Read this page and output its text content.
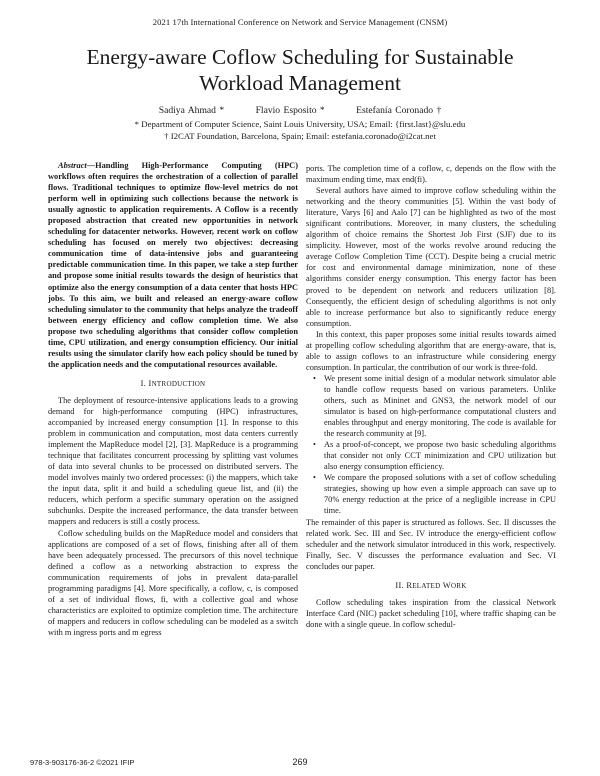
2021 17th International Conference on Network and Service Management (CNSM)
Energy-aware Coflow Scheduling for Sustainable
Workload Management
Sadiya Ahmad *	Flavio Esposito *	Estefanía Coronado †
* Department of Computer Science, Saint Louis University, USA; Email: {first.last}@slu.edu
† I2CAT Foundation, Barcelona, Spain; Email: estefania.coronado@i2cat.net

Abstract—Handling High-Performance Computing (HPC) workflows often requires the orchestration of a collection of parallel flows. Traditional techniques to optimize flow-level metrics do not perform well in optimizing such collections because the network is usually agnostic to application requirements. A Coflow is a recently proposed abstraction that created new opportunities in network scheduling for datacenter networks. However, recent work on coflow scheduling has focused on merely two objectives: decreasing communication time of data-intensive jobs and guaranteeing predictable communication time. In this paper, we take a step further and propose some initial results towards the design of heuristics that optimize also the energy consumption of a data center that hosts HPC jobs. To this aim, we built and released an energy-aware coflow scheduling simulator to the community that helps analyze the tradeoff between energy efficiency and coflow completion time. We also propose two scheduling algorithms that consider coflow completion time, CPU utilization, and energy consumption efficiency. Our initial results using the simulator clarify how each policy should be tuned by the application needs and the computational resources available.

I. INTRODUCTION

The deployment of resource-intensive applications leads to a growing demand for high-performance computing (HPC) infrastructures, accompanied by increased energy consumption [1]. In response to this problem in communication and computation, most data centers currently implement the MapReduce model [2], [3]. MapReduce is a programming technique that facilitates concurrent processing by splitting vast volumes of data into several chunks to be processed on distributed servers. The model involves mainly two ordered processes: (i) the mappers, which take the input data, split it and build a scheduling queue list, and (ii) the reducers, which perform a specific summary operation on the assigned subchunks. Despite the increased performance, the data transfer between mappers and reducers is still a costly process.

Coflow scheduling builds on the MapReduce model and considers that applications are composed of a set of flows, finishing after all of them have been adequately processed. The precursors of this novel technique defined a coflow as a networking abstraction to express the communication requirements of jobs in prevalent data-parallel programming paradigms [4]. More specifically, a coflow, c, is composed of a set of individual flows, fi, with a collective goal and whose characteristics are exploited to optimize completion time. The architecture of mappers and reducers in coflow scheduling can be modeled as a switch with m ingress ports and m egress

ports. The completion time of a coflow, c, depends on the flow with the maximum ending time, max end(fi).

Several authors have aimed to improve coflow scheduling within the networking and the theory communities [5]. Within the vast body of literature, Varys [6] and Aalo [7] can be highlighted as two of the most significant contributions. Moreover, in many clusters, the scheduling algorithm of choice remains the Shortest Job First (SJF) due to its simplicity. However, most of the works revolve around reducing the average Coflow Completion Time (CCT). Despite being a crucial metric for cost and environmental damage minimization, none of these algorithms consider energy consumption. This energy factor has been proved to be dependent on network and reducers utilization [8]. Consequently, the efficient design of scheduling algorithms is not only able to increase performance but also to significantly reduce energy consumption.

In this context, this paper proposes some initial results towards aimed at propelling coflow scheduling algorithm that are energy-aware, that is, able to assign coflows to an infrastructure while considering energy consumption. In particular, the contribution of our work is three-fold.

• We present some initial design of a modular network simulator able to handle coflow requests based on various parameters. Unlike others, such as Mininet and GNS3, the network model of our simulator is based on high-performance computational clusters and enables throughput and energy monitoring. The code is available for the research community at [9].
• As a proof-of-concept, we propose two basic scheduling algorithms that consider not only CCT minimization and CPU utilization but also energy consumption efficiency.
• We compare the proposed solutions with a set of coflow scheduling strategies, showing up how even a simple approach can save up to 70% energy reduction at the price of a negligible increase in CPU time.

The remainder of this paper is structured as follows. Sec. II discusses the related work. Sec. III and Sec. IV introduce the energy-efficient coflow scheduler and the network simulator introduced in this work, respectively. Finally, Sec. V discusses the performance evaluation and Sec. VI concludes our paper.

II. RELATED WORK

Coflow scheduling takes inspiration from the classical Network Interface Card (NIC) packet scheduling [10], where traffic shaping can be done with a single queue. In coflow schedul-

978-3-903176-36-2 ©2021 IFIP	269
